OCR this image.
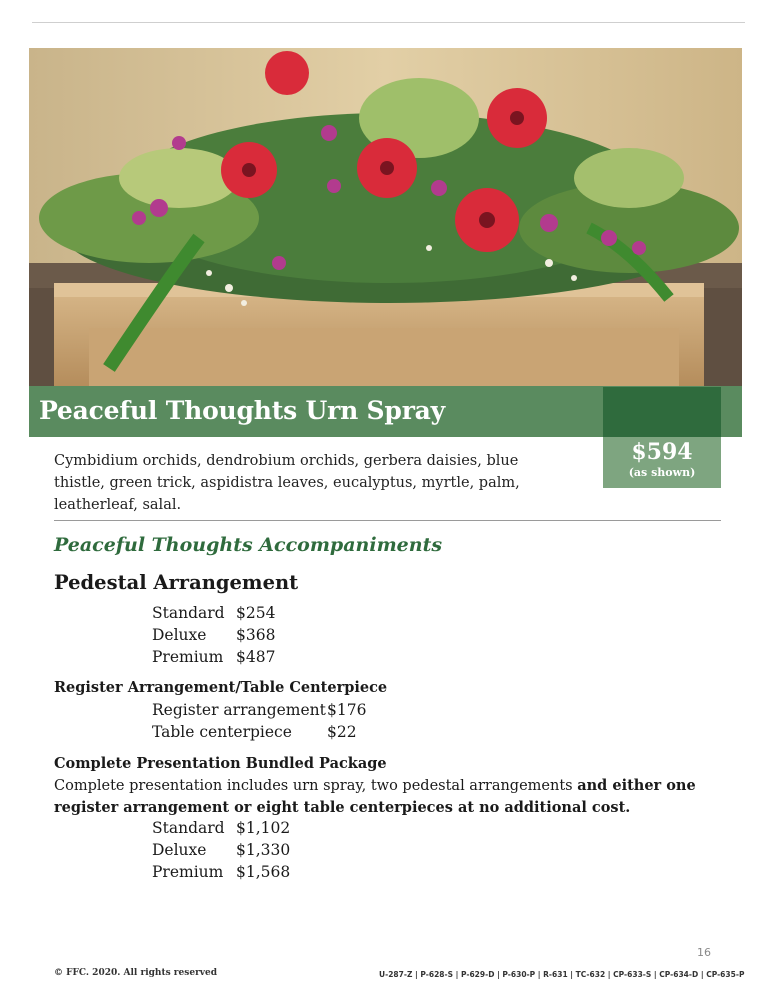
Peaceful Thoughts Urn Spray
$594
(as shown)
Cymbidium orchids, dendrobium orchids, gerbera daisies, blue thistle, green trick, aspidistra leaves, eucalyptus, myrtle, palm, leatherleaf, salal.
Peaceful Thoughts Accompaniments
Pedestal Arrangement
Standard $254
Deluxe	$368
Premium $487
Register Arrangement/Table Centerpiece
Register arrangement $176
Table centerpiece	$22
Complete Presentation Bundled Package
Complete presentation includes urn spray, two pedestal arrangements and either one register arrangement or eight table centerpieces at no additional cost.
Standard $1,102
Deluxe	$1,330
Premium $1,568
16
© FFC. 2020. All rights reserved	U-287-Z | P-628-S | P-629-D | P-630-P | R-631 | TC-632 | CP-633-S | CP-634-D | CP-635-P
